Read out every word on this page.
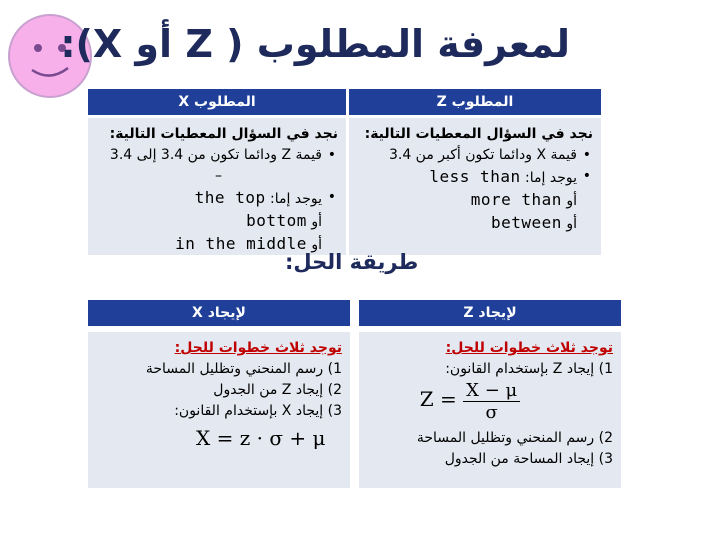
لمعرفة المطلوب ( Z أو X):
المطلوب Z
المطلوب X
نجد في السؤال المعطيات التالية:
• قيمة X ودائما تكون أكبر من 3.4
• يوجد إما: less than
أو more than
أو between
نجد في السؤال المعطيات التالية:
• قيمة Z ودائما تكون من 3.4 إلى 3.4
–
• يوجد إما: the top
أو bottom
أو in the middle
طريقة الحل:
لإيجاد Z
لإيجاد X
توجد ثلاث خطوات للحل:
1) إيجاد Z بإستخدام القانون:
$Z = \frac{X - \mu}{\sigma}$
2) رسم المنحني وتظليل المساحة
3) إيجاد المساحة من الجدول
توجد ثلاث خطوات للحل:
1) رسم المنحني وتظليل المساحة
2) إيجاد Z من الجدول
3) إيجاد X بإستخدام القانون:
X = z · σ + μ
